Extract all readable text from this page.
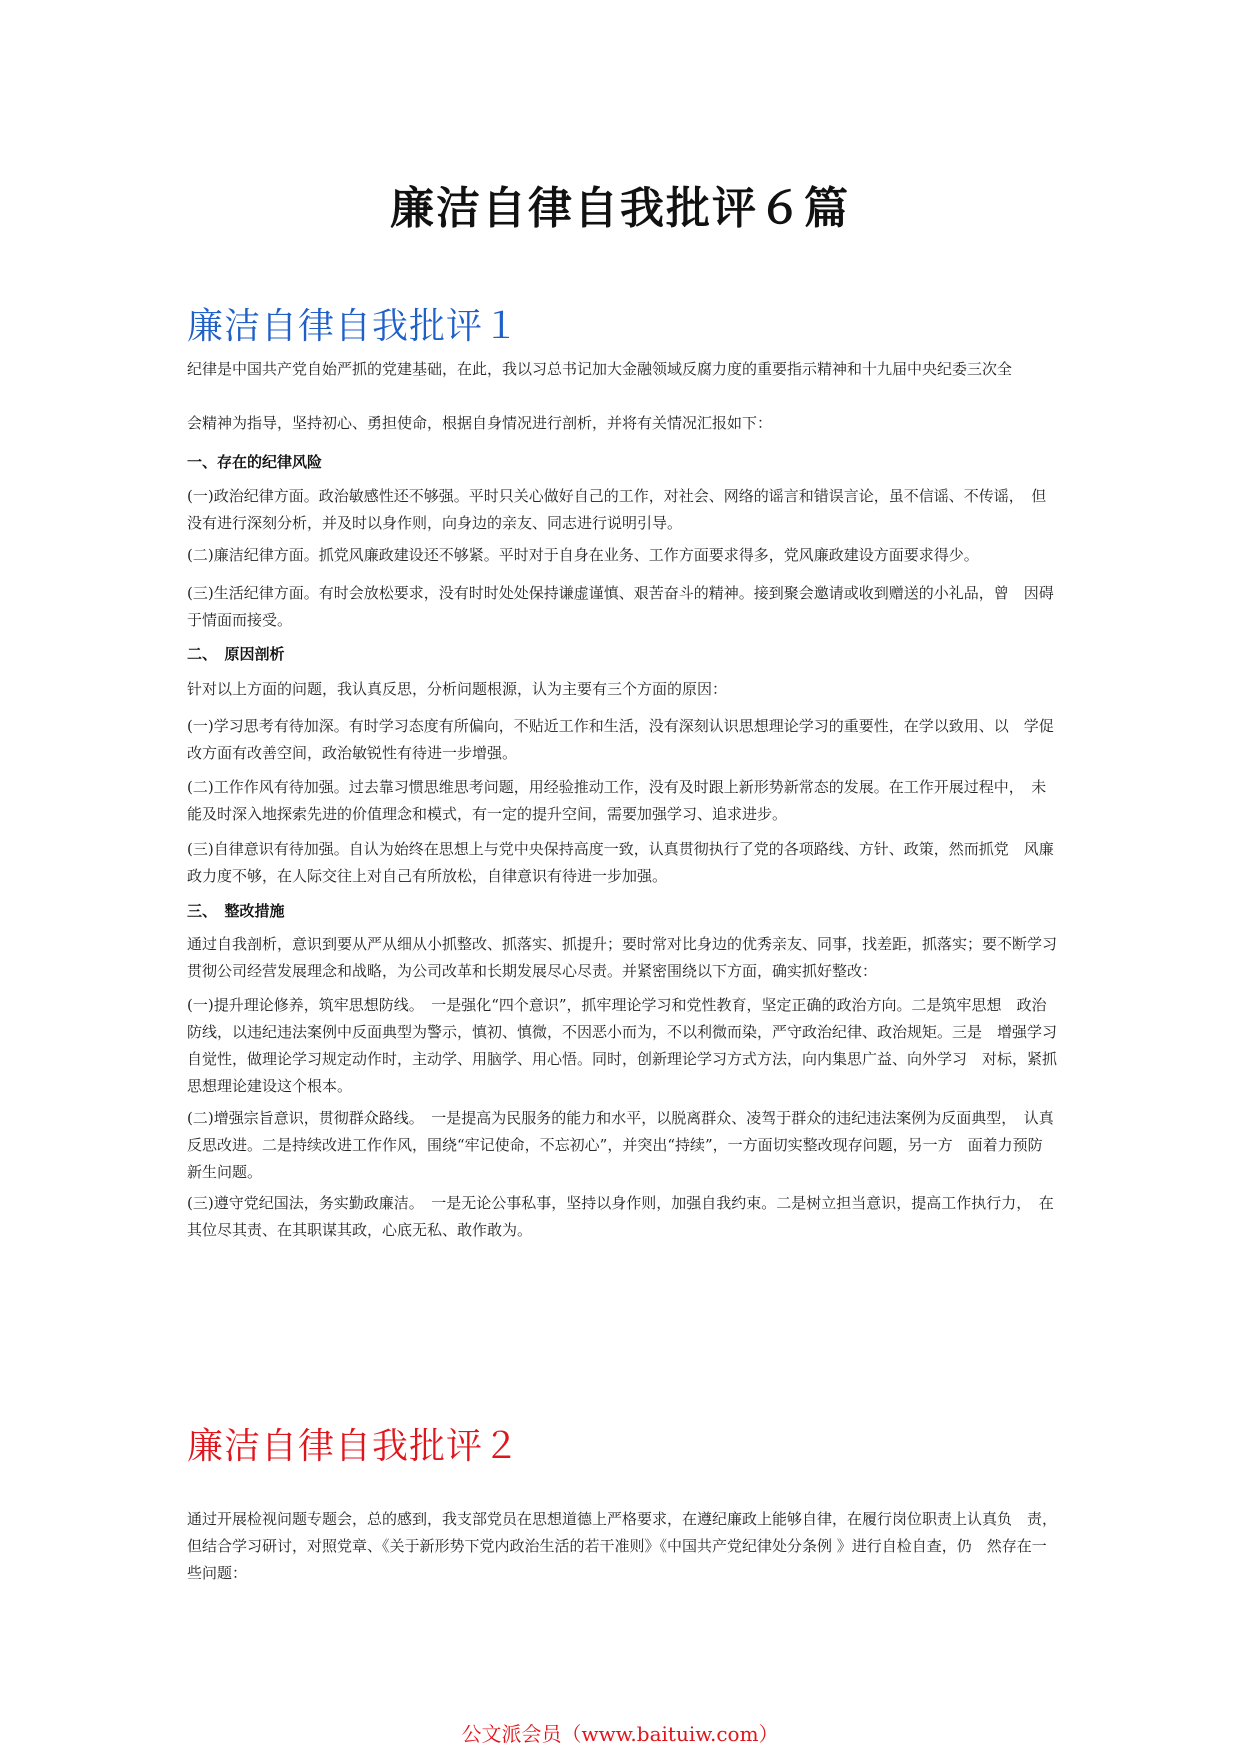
廉洁自律自我批评６篇
廉洁自律自我批评１

纪律是中国共产党自始严抓的党建基础，在此，我以习总书记加大金融领域反腐力度的重要指示精神和十九届中央纪委三次全

会精神为指导，坚持初心、勇担使命，根据自身情况进行剖析，并将有关情况汇报如下：

一、存在的纪律风险

(一)政治纪律方面。政治敏感性还不够强。平时只关心做好自己的工作，对社会、网络的谣言和错误言论，虽不信谣、不传谣，　但没有进行深刻分析，并及时以身作则，向身边的亲友、同志进行说明引导。

(二)廉洁纪律方面。抓党风廉政建设还不够紧。平时对于自身在业务、工作方面要求得多，党风廉政建设方面要求得少。

(三)生活纪律方面。有时会放松要求，没有时时处处保持谦虚谨慎、艰苦奋斗的精神。接到聚会邀请或收到赠送的小礼品，曾　因碍于情面而接受。

二、　原因剖析

针对以上方面的问题，我认真反思，分析问题根源，认为主要有三个方面的原因：

(一)学习思考有待加深。有时学习态度有所偏向，不贴近工作和生活，没有深刻认识思想理论学习的重要性，在学以致用、以　学促改方面有改善空间，政治敏锐性有待进一步增强。

(二)工作作风有待加强。过去靠习惯思维思考问题，用经验推动工作，没有及时跟上新形势新常态的发展。在工作开展过程中，　未能及时深入地探索先进的价值理念和模式，有一定的提升空间，需要加强学习、追求进步。

(三)自律意识有待加强。自认为始终在思想上与党中央保持高度一致，认真贯彻执行了党的各项路线、方针、政策，然而抓党　风廉政力度不够，在人际交往上对自己有所放松，自律意识有待进一步加强。

三、　整改措施

通过自我剖析，意识到要从严从细从小抓整改、抓落实、抓提升；要时常对比身边的优秀亲友、同事，找差距，抓落实；要不断学习贯彻公司经营发展理念和战略，为公司改革和长期发展尽心尽责。并紧密围绕以下方面，确实抓好整改：

(一)提升理论修养，筑牢思想防线。　一是强化“四个意识”，抓牢理论学习和党性教育，坚定正确的政治方向。二是筑牢思想　政治防线，以违纪违法案例中反面典型为警示，慎初、慎微，不因恶小而为，不以利微而染，严守政治纪律、政治规矩。三是　增强学习自觉性，做理论学习规定动作时，主动学、用脑学、用心悟。同时，创新理论学习方式方法，向内集思广益、向外学习　对标，紧抓思想理论建设这个根本。

(二)增强宗旨意识，贯彻群众路线。　一是提高为民服务的能力和水平，以脱离群众、凌驾于群众的违纪违法案例为反面典型，　认真反思改进。二是持续改进工作作风，围绕“牢记使命，不忘初心”，并突出“持续”，一方面切实整改现存问题，另一方　面着力预防新生问题。

(三)遵守党纪国法，务实勤政廉洁。　一是无论公事私事，坚持以身作则，加强自我约束。二是树立担当意识，提高工作执行力，　在其位尽其责、在其职谋其政，心底无私、敢作敢为。

廉洁自律自我批评２

通过开展检视问题专题会，总的感到，我支部党员在思想道德上严格要求，在遵纪廉政上能够自律，在履行岗位职责上认真负　责，但结合学习研讨，对照党章、《关于新形势下党内政治生活的若干准则》《中国共产党纪律处分条例 》进行自检自查，仍　然存在一些问题：

公文派会员（www.baituiw.com）
